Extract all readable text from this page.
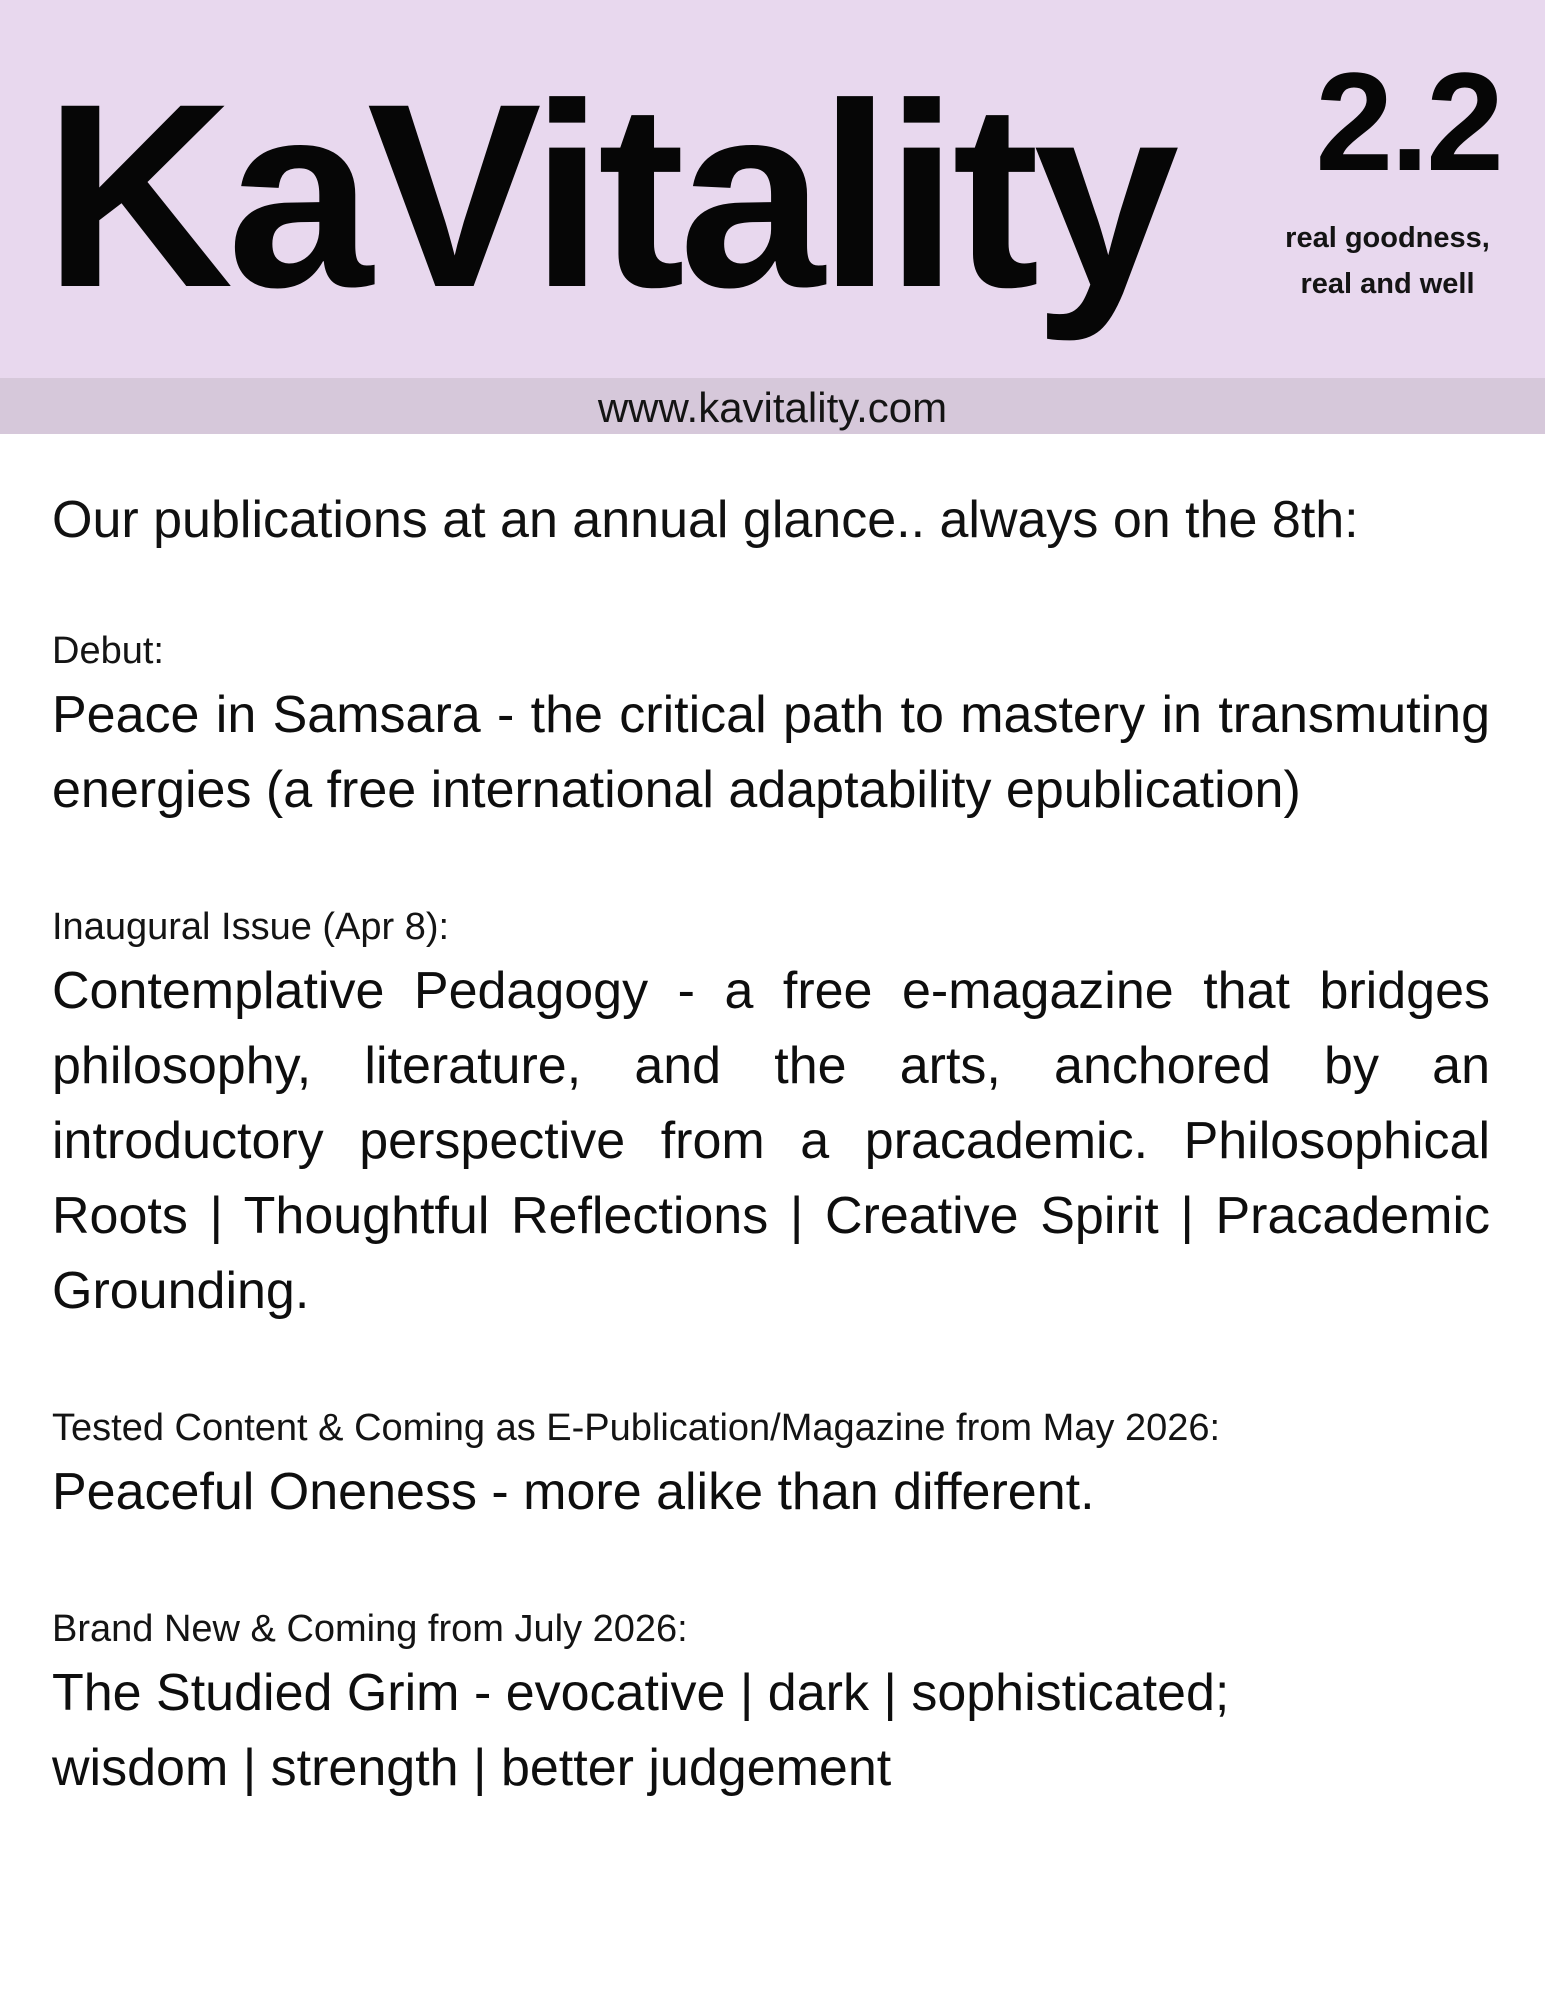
KaVitality 2.2
real goodness,
real and well
www.kavitality.com

Our publications at an annual glance.. always on the 8th:

Debut:

Peace in Samsara - the critical path to mastery in transmuting energies (a free international adaptability epublication)

Inaugural Issue (Apr 8):

Contemplative Pedagogy - a free e-magazine that bridges philosophy, literature, and the arts, anchored by an introductory perspective from a pracademic. Philosophical Roots | Thoughtful Reflections | Creative Spirit | Pracademic Grounding.

Tested Content & Coming as E-Publication/Magazine from May 2026:

Peaceful Oneness - more alike than different.

Brand New & Coming from July 2026:

The Studied Grim - evocative | dark | sophisticated;
wisdom | strength | better judgement
